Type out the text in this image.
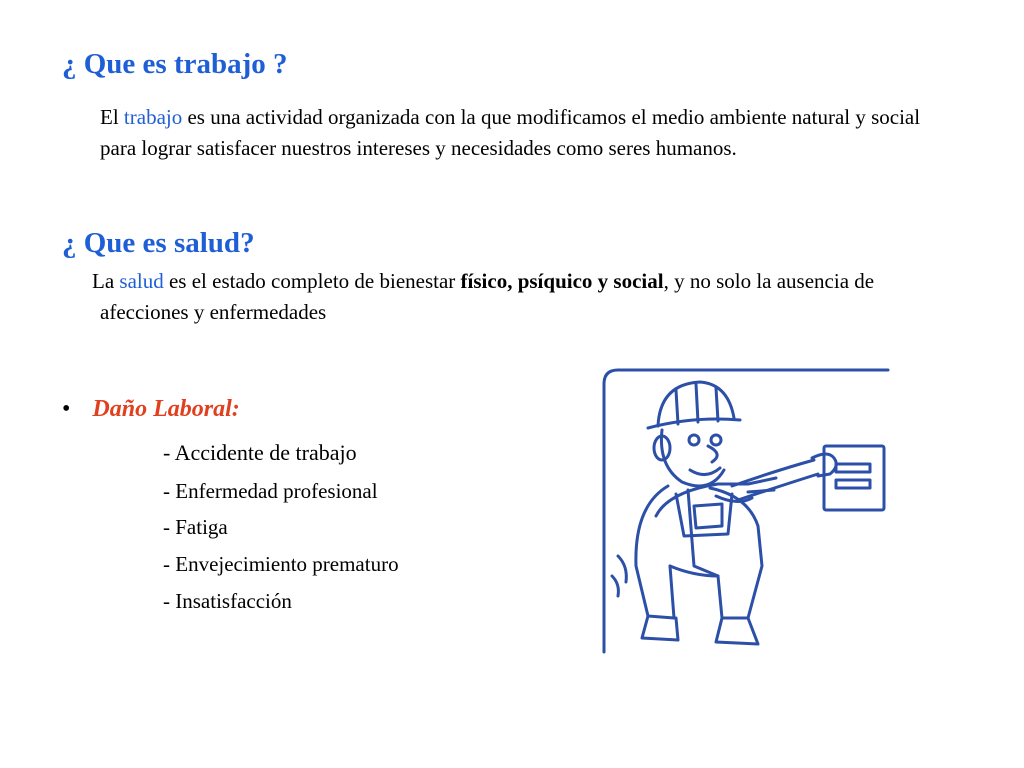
¿ Que es trabajo ?

El trabajo es una actividad organizada con la que modificamos el medio ambiente natural y social para lograr satisfacer nuestros intereses y necesidades como seres humanos.

¿ Que es salud?

La salud es el estado completo de bienestar físico, psíquico y social, y no solo la ausencia de afecciones y enfermedades

• Daño Laboral:
- Accidente de trabajo
- Enfermedad profesional
- Fatiga
- Envejecimiento prematuro
- Insatisfacción
